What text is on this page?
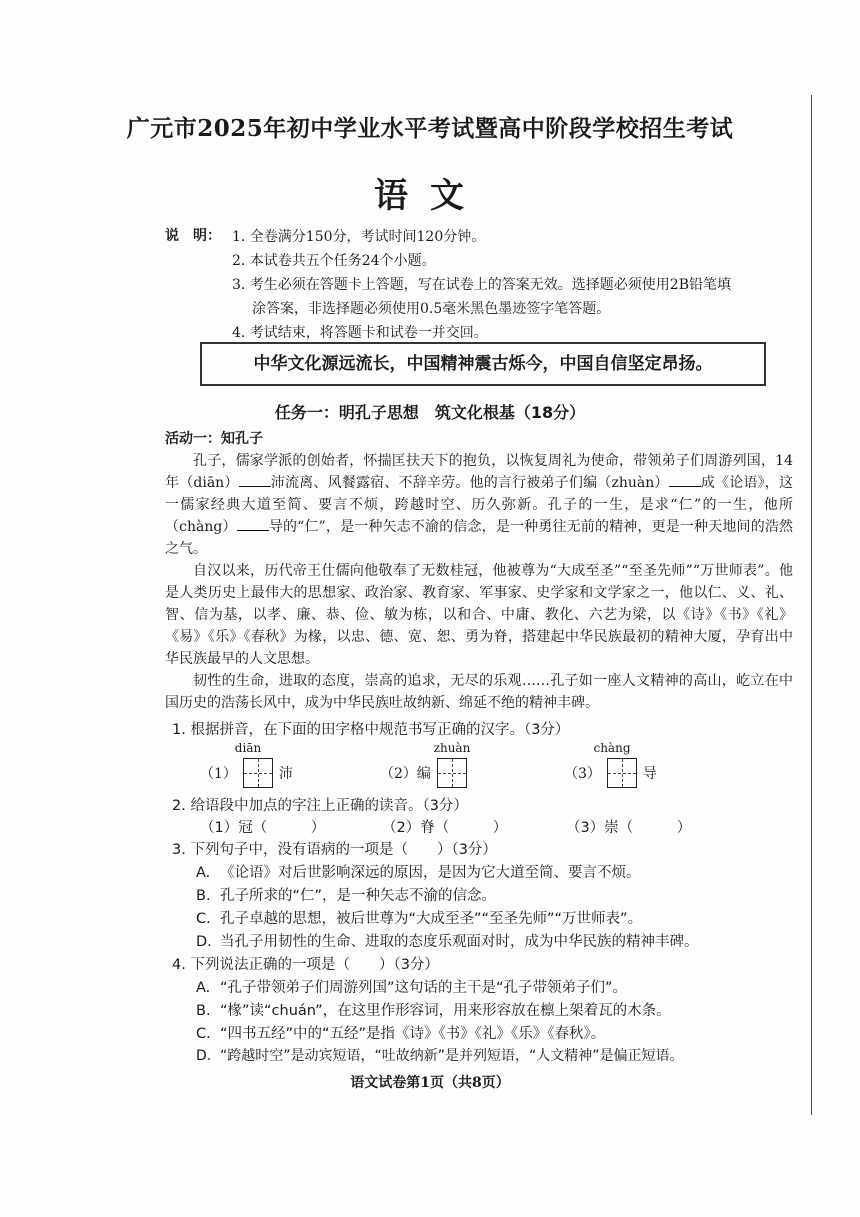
广元市2025年初中学业水平考试暨高中阶段学校招生考试
语文
说　明： 1. 全卷满分150分，考试时间120分钟。
2. 本试卷共五个任务24个小题。
3. 考生必须在答题卡上答题，写在试卷上的答案无效。选择题必须使用2B铅笔填
涂答案，非选择题必须使用0.5毫米黑色墨迹签字笔答题。
4. 考试结束，将答题卡和试卷一并交回。
中华文化源远流长，中国精神震古烁今，中国自信坚定昂扬。
任务一：明孔子思想　筑文化根基（18分）
活动一：知孔子

孔子，儒家学派的创始者，怀揣匡扶天下的抱负，以恢复周礼为使命，带领弟子们周游列国，14年（diān） 沛流离、风餐露宿、不辞辛劳。他的言行被弟子们编（zhuàn） 成《论语》，这一儒家经典大道至简、要言不烦，跨越时空、历久弥新。孔子的一生，是求“仁”的一生，他所（chàng） 导的“仁”，是一种矢志不渝的信念，是一种勇往无前的精神，更是一种天地间的浩然之气。

自汉以来，历代帝王仕儒向他敬奉了无数桂冠，他被尊为“大成至圣”“至圣先师”“万世师表”。他是人类历史上最伟大的思想家、政治家、教育家、军事家、史学家和文学家之一，他以仁、义、礼、智、信为基，以孝、廉、恭、俭、敏为栋，以和合、中庸、教化、六艺为梁，以《诗》《书》《礼》《易》《乐》《春秋》为椽，以忠、德、宽、恕、勇为脊，搭建起中华民族最初的精神大厦，孕育出中华民族最早的人文思想。

韧性的生命，进取的态度，崇高的追求，无尽的乐观……孔子如一座人文精神的高山，屹立在中国历史的浩荡长风中，成为中华民族吐故纳新、绵延不绝的精神丰碑。

1. 根据拼音，在下面的田字格中规范书写正确的汉字。（3分）
diān	zhuàn	chàng
（1）	沛	（2）编	（3）	导
2. 给语段中加点的字注上正确的读音。（3分）
（1）冠（　　　）	（2）脊（　　　）	（3）崇（　　　）
3. 下列句子中，没有语病的一项是（　　）（3分）
A. 《论语》对后世影响深远的原因，是因为它大道至简、要言不烦。
B. 孔子所求的“仁”，是一种矢志不渝的信念。
C. 孔子卓越的思想，被后世尊为“大成至圣”“至圣先师”“万世师表”。
D. 当孔子用韧性的生命、进取的态度乐观面对时，成为中华民族的精神丰碑。
4. 下列说法正确的一项是（　　）（3分）
A. “孔子带领弟子们周游列国”这句话的主干是“孔子带领弟子们”。
B. “椽”读“chuán”，在这里作形容词，用来形容放在檩上架着瓦的木条。
C. “四书五经”中的“五经”是指《诗》《书》《礼》《乐》《春秋》。
D. “跨越时空”是动宾短语，“吐故纳新”是并列短语，“人文精神”是偏正短语。
语文试卷第1页（共8页）
